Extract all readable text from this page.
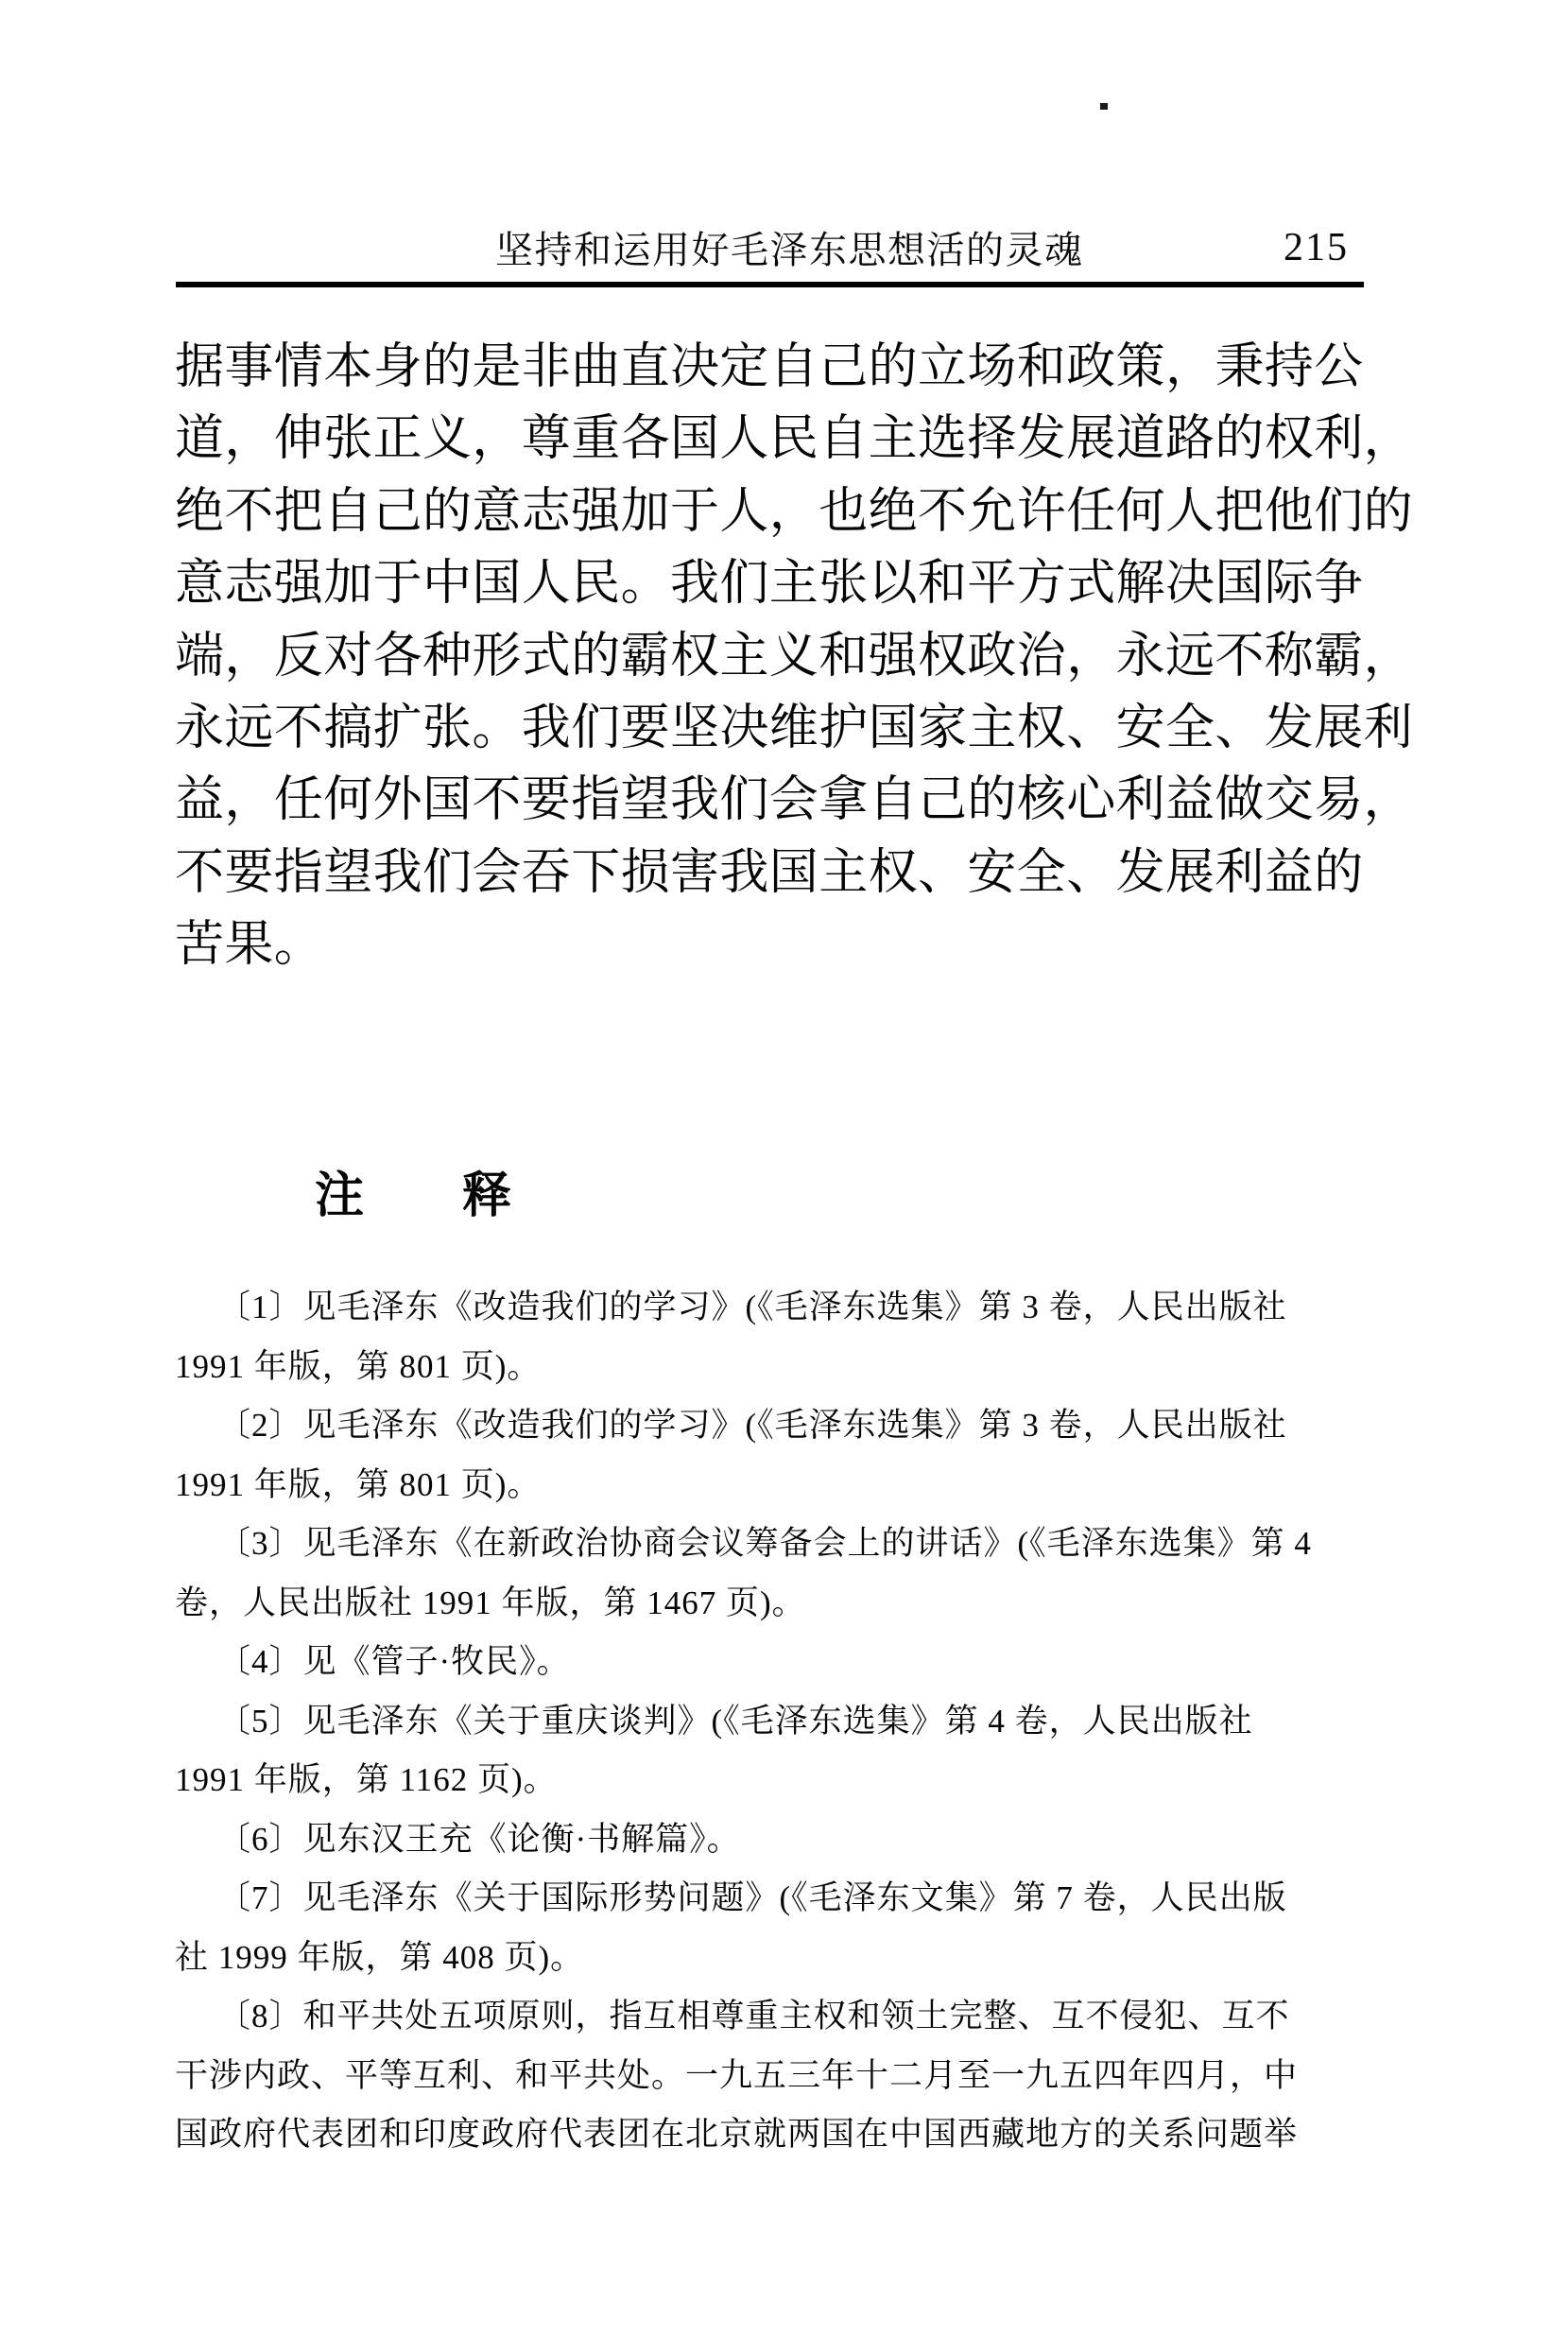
坚持和运用好毛泽东思想活的灵魂	215
据事情本身的是非曲直决定自己的立场和政策，秉持公
道，伸张正义，尊重各国人民自主选择发展道路的权利，
绝不把自己的意志强加于人，也绝不允许任何人把他们的
意志强加于中国人民。我们主张以和平方式解决国际争
端，反对各种形式的霸权主义和强权政治，永远不称霸，
永远不搞扩张。我们要坚决维护国家主权、安全、发展利
益，任何外国不要指望我们会拿自己的核心利益做交易，
不要指望我们会吞下损害我国主权、安全、发展利益的
苦果。
注　　释
〔1〕见毛泽东《改造我们的学习》(《毛泽东选集》第 3 卷，人民出版社
1991 年版，第 801 页)。
〔2〕见毛泽东《改造我们的学习》(《毛泽东选集》第 3 卷，人民出版社
1991 年版，第 801 页)。
〔3〕见毛泽东《在新政治协商会议筹备会上的讲话》(《毛泽东选集》第 4
卷，人民出版社 1991 年版，第 1467 页)。
〔4〕见《管子·牧民》。
〔5〕见毛泽东《关于重庆谈判》(《毛泽东选集》第 4 卷，人民出版社
1991 年版，第 1162 页)。
〔6〕见东汉王充《论衡·书解篇》。
〔7〕见毛泽东《关于国际形势问题》(《毛泽东文集》第 7 卷，人民出版
社 1999 年版，第 408 页)。
〔8〕和平共处五项原则，指互相尊重主权和领土完整、互不侵犯、互不
干涉内政、平等互利、和平共处。一九五三年十二月至一九五四年四月，中
国政府代表团和印度政府代表团在北京就两国在中国西藏地方的关系问题举
